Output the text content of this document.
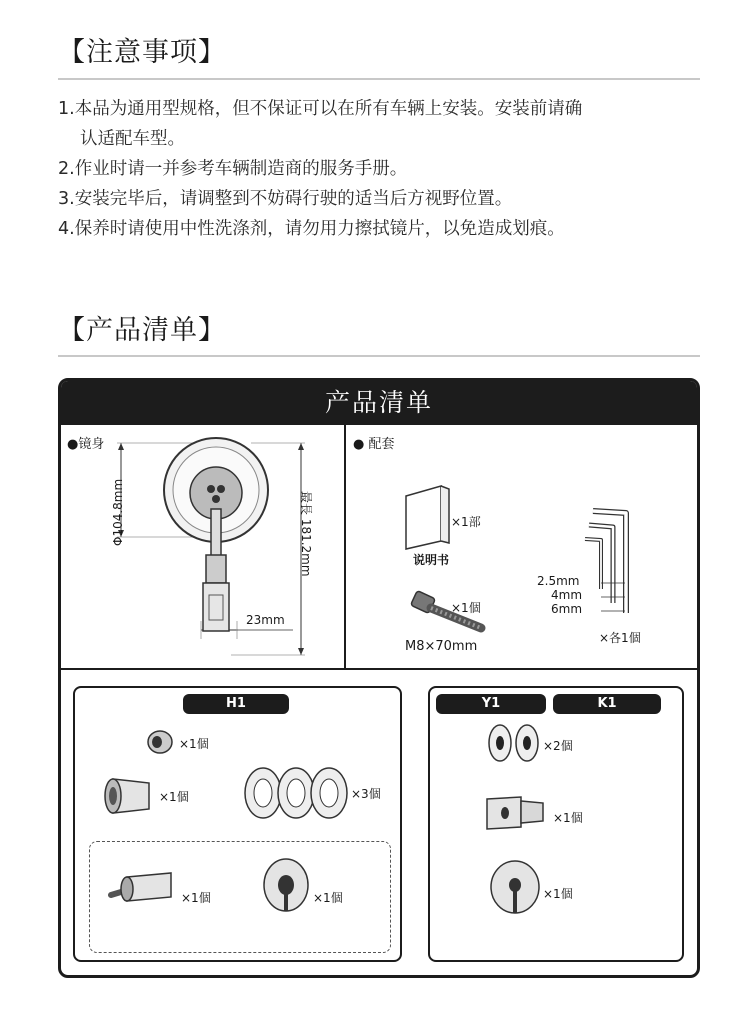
【注意事项】

1.本品为通用型规格，但不保证可以在所有车辆上安装。安装前请确

认适配车型。

2.作业时请一并参考车辆制造商的服务手册。

3.安装完毕后，请调整到不妨碍行驶的适当后方视野位置。

4.保养时请使用中性洗涤剂，请勿用力擦拭镜片，以免造成划痕。

【产品清单】
产品清单
●镜身
Φ104.8mm	最長 181.2mm
23mm
● 配套
×1部
说明书
×1個
M8×70mm
2.5mm
4mm
6mm
×各1個
H1
×1個
×1個	×3個
×1個	×1個
Y1	K1
×2個
×1個
×1個
